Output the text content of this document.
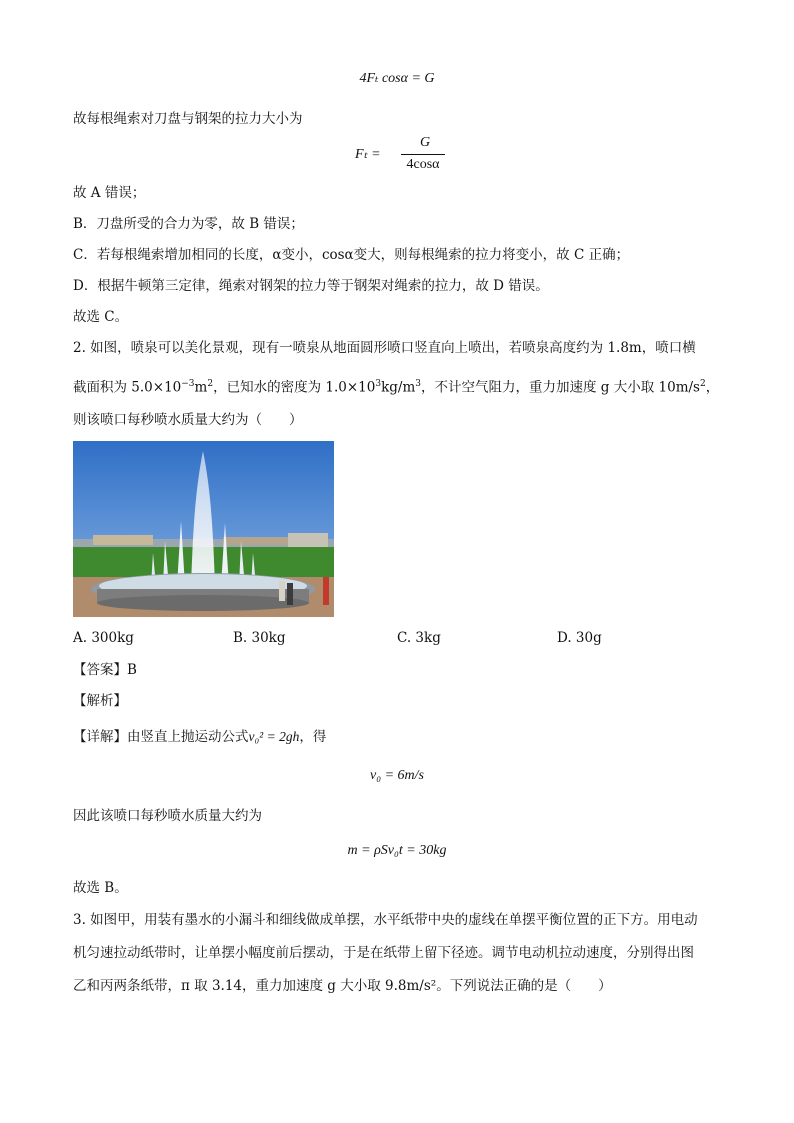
4Fₜ cosα = G
故每根绳索对刀盘与钢架的拉力大小为
Fₜ =
G
4cosα
故 A 错误；
B．刀盘所受的合力为零，故 B 错误；
C．若每根绳索增加相同的长度，α变小，cosα变大，则每根绳索的拉力将变小，故 C 正确；
D．根据牛顿第三定律，绳索对钢架的拉力等于钢架对绳索的拉力，故 D 错误。
故选 C。
2. 如图，喷泉可以美化景观，现有一喷泉从地面圆形喷口竖直向上喷出，若喷泉高度约为 1.8m，喷口横
截面积为 $5.0\times 10^{-3}m^2$，已知水的密度为 $1.0\times 10^3kg/m^3$，不计空气阻力，重力加速度 g 大小取 $10m/s^2$，
则该喷口每秒喷水质量大约为（　　）
A. 300kg	B. 30kg	C. 3kg	D. 30g
【答案】B
【解析】
【详解】由竖直上抛运动公式v₀² = 2gh，得
v₀ = 6m/s
因此该喷口每秒喷水质量大约为
m = ρSv₀t = 30kg
故选 B。
3. 如图甲，用装有墨水的小漏斗和细线做成单摆，水平纸带中央的虚线在单摆平衡位置的正下方。用电动
机匀速拉动纸带时，让单摆小幅度前后摆动，于是在纸带上留下径迹。调节电动机拉动速度，分别得出图
乙和丙两条纸带，π 取 3.14，重力加速度 g 大小取 9.8m/s²。下列说法正确的是（　　）
